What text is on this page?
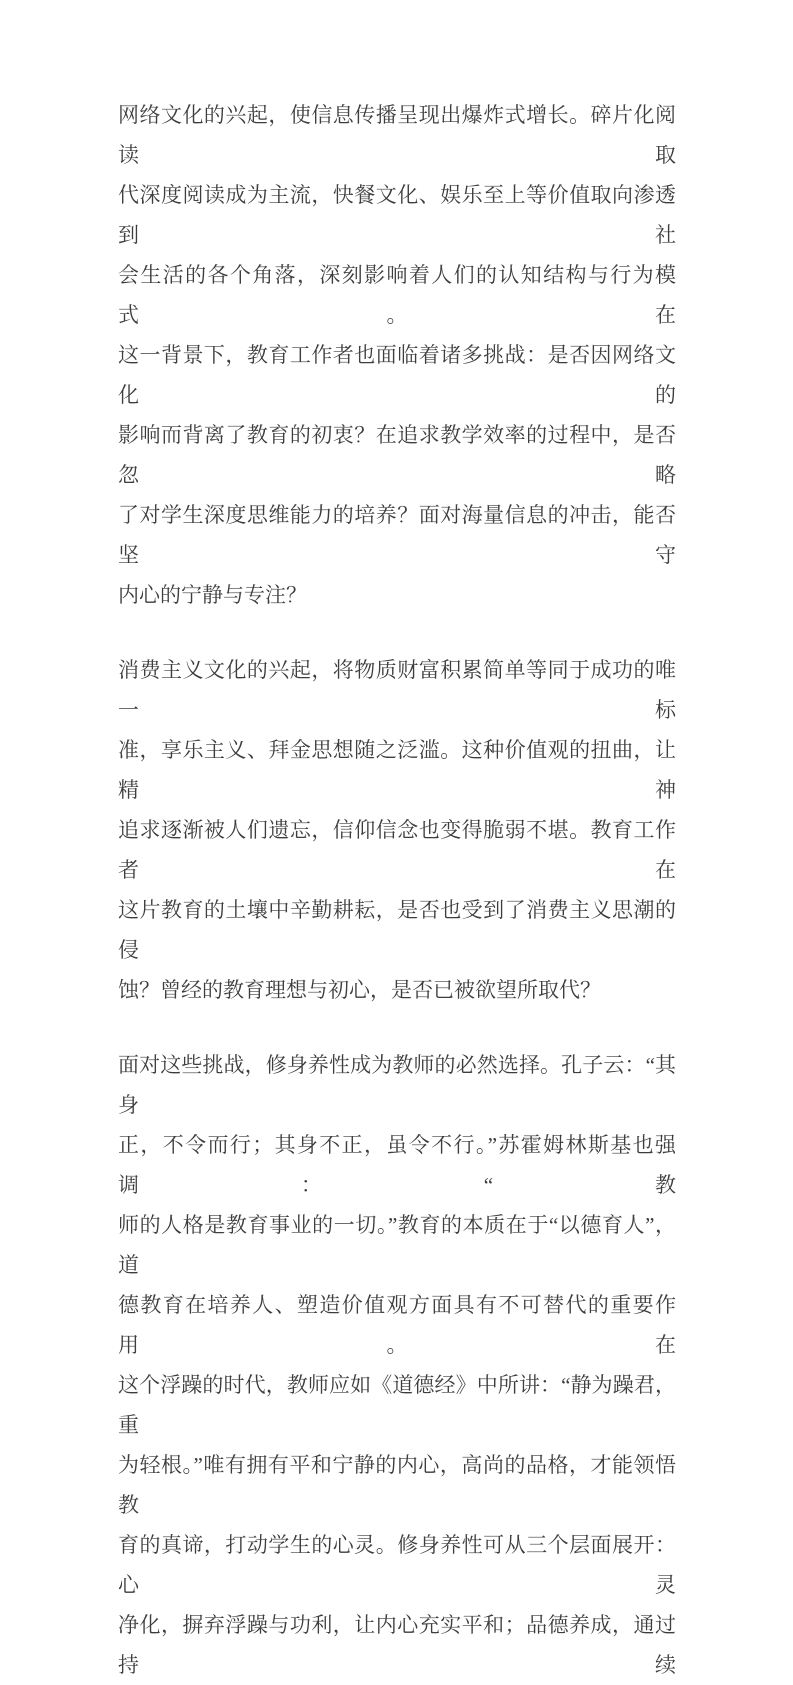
网络文化的兴起，使信息传播呈现出爆炸式增长。碎片化阅读取
代深度阅读成为主流，快餐文化、娱乐至上等价值取向渗透到社
会生活的各个角落，深刻影响着人们的认知结构与行为模式。在
这一背景下，教育工作者也面临着诸多挑战：是否因网络文化的
影响而背离了教育的初衷？在追求教学效率的过程中，是否忽略
了对学生深度思维能力的培养？面对海量信息的冲击，能否坚守
内心的宁静与专注？
消费主义文化的兴起，将物质财富积累简单等同于成功的唯一标
准，享乐主义、拜金思想随之泛滥。这种价值观的扭曲，让精神
追求逐渐被人们遗忘，信仰信念也变得脆弱不堪。教育工作者在
这片教育的土壤中辛勤耕耘，是否也受到了消费主义思潮的侵
蚀？曾经的教育理想与初心，是否已被欲望所取代？
面对这些挑战，修身养性成为教师的必然选择。孔子云：“其身
正，不令而行；其身不正，虽令不行。”苏霍姆林斯基也强调：“教
师的人格是教育事业的一切。”教育的本质在于“以德育人”，道
德教育在培养人、塑造价值观方面具有不可替代的重要作用。在
这个浮躁的时代，教师应如《道德经》中所讲：“静为躁君，重
为轻根。”唯有拥有平和宁静的内心，高尚的品格，才能领悟教
育的真谛，打动学生的心灵。修身养性可从三个层面展开：心灵
净化，摒弃浮躁与功利，让内心充实平和；品德养成，通过持续
